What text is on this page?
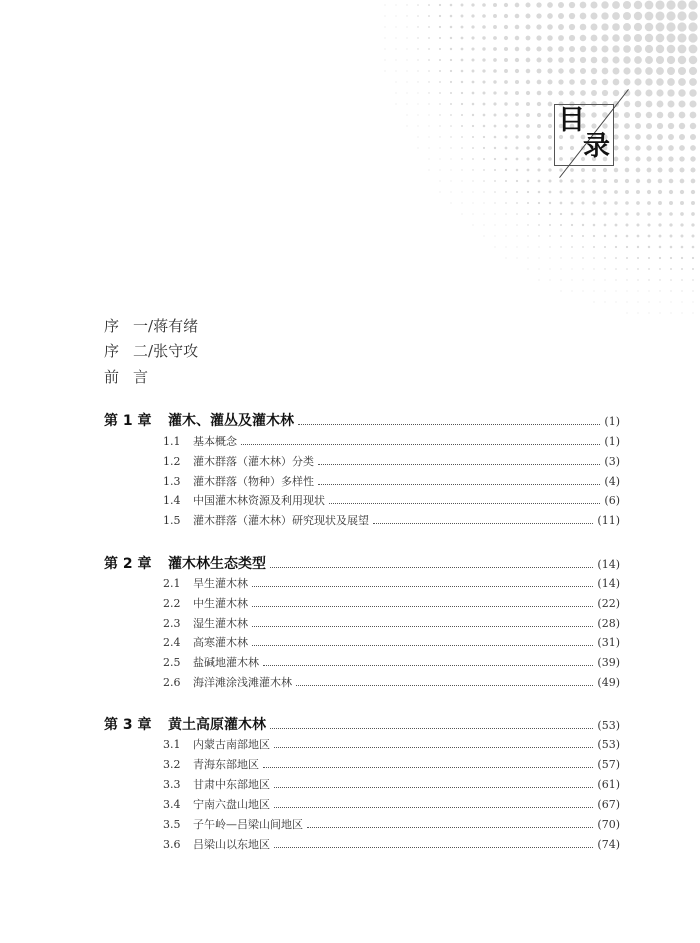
目
录
序一/蒋有绪
序二/张守攻
前言
第 1 章	灌木、灌丛及灌木林	(1)
1.1	基本概念	(1)
1.2	灌木群落（灌木林）分类	(3)
1.3	灌木群落（物种）多样性	(4)
1.4	中国灌木林资源及利用现状	(6)
1.5	灌木群落（灌木林）研究现状及展望	(11)
第 2 章	灌木林生态类型	(14)
2.1	旱生灌木林	(14)
2.2	中生灌木林	(22)
2.3	湿生灌木林	(28)
2.4	高寒灌木林	(31)
2.5	盐碱地灌木林	(39)
2.6	海洋滩涂浅滩灌木林	(49)
第 3 章	黄土高原灌木林	(53)
3.1	内蒙古南部地区	(53)
3.2	青海东部地区	(57)
3.3	甘肃中东部地区	(61)
3.4	宁南六盘山地区	(67)
3.5	子午岭—吕梁山间地区	(70)
3.6	吕梁山以东地区	(74)
